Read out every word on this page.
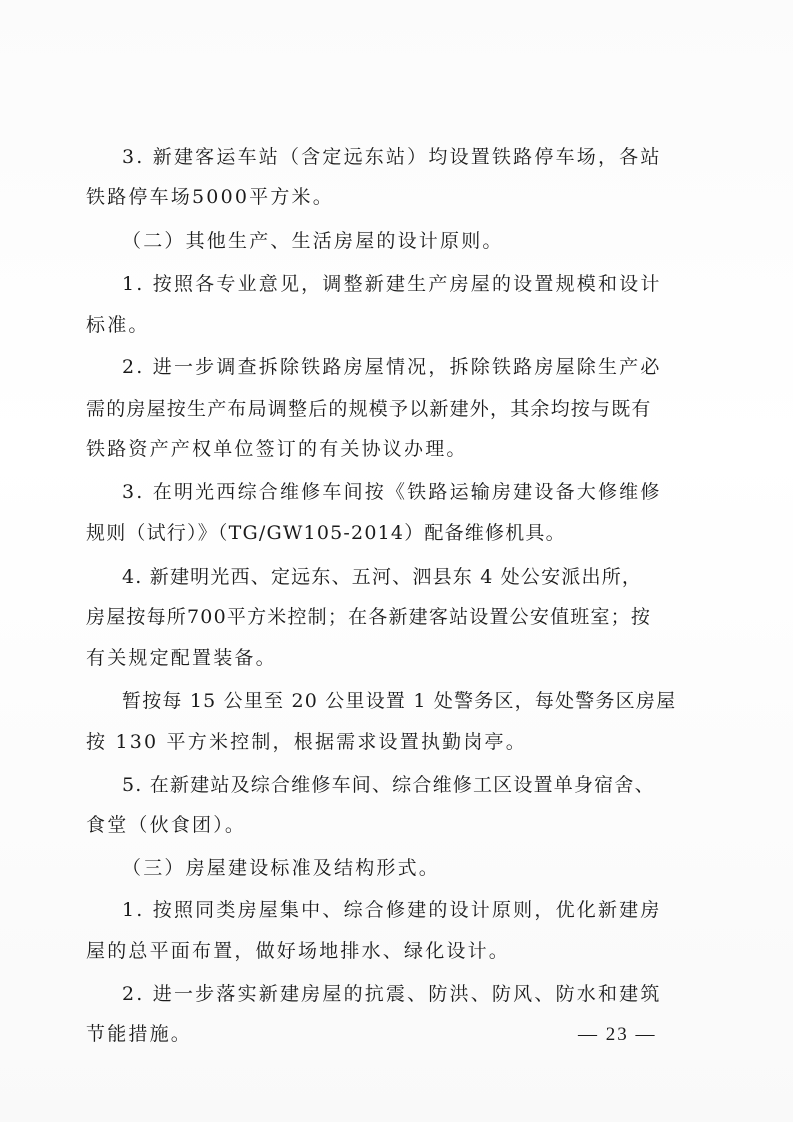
3. 新建客运车站（含定远东站）均设置铁路停车场，各站
铁路停车场5000平方米。
（二）其他生产、生活房屋的设计原则。
1. 按照各专业意见，调整新建生产房屋的设置规模和设计
标准。
2. 进一步调查拆除铁路房屋情况，拆除铁路房屋除生产必
需的房屋按生产布局调整后的规模予以新建外，其余均按与既有
铁路资产产权单位签订的有关协议办理。
3. 在明光西综合维修车间按《铁路运输房建设备大修维修
规则（试行）》（TG/GW105-2014）配备维修机具。
4. 新建明光西、定远东、五河、泗县东 4 处公安派出所，
房屋按每所700平方米控制；在各新建客站设置公安值班室；按
有关规定配置装备。
暂按每 15 公里至 20 公里设置 1 处警务区，每处警务区房屋
按 130 平方米控制，根据需求设置执勤岗亭。
5. 在新建站及综合维修车间、综合维修工区设置单身宿舍、
食堂（伙食团）。
（三）房屋建设标准及结构形式。
1. 按照同类房屋集中、综合修建的设计原则，优化新建房
屋的总平面布置，做好场地排水、绿化设计。
2. 进一步落实新建房屋的抗震、防洪、防风、防水和建筑
节能措施。	— 23 —
